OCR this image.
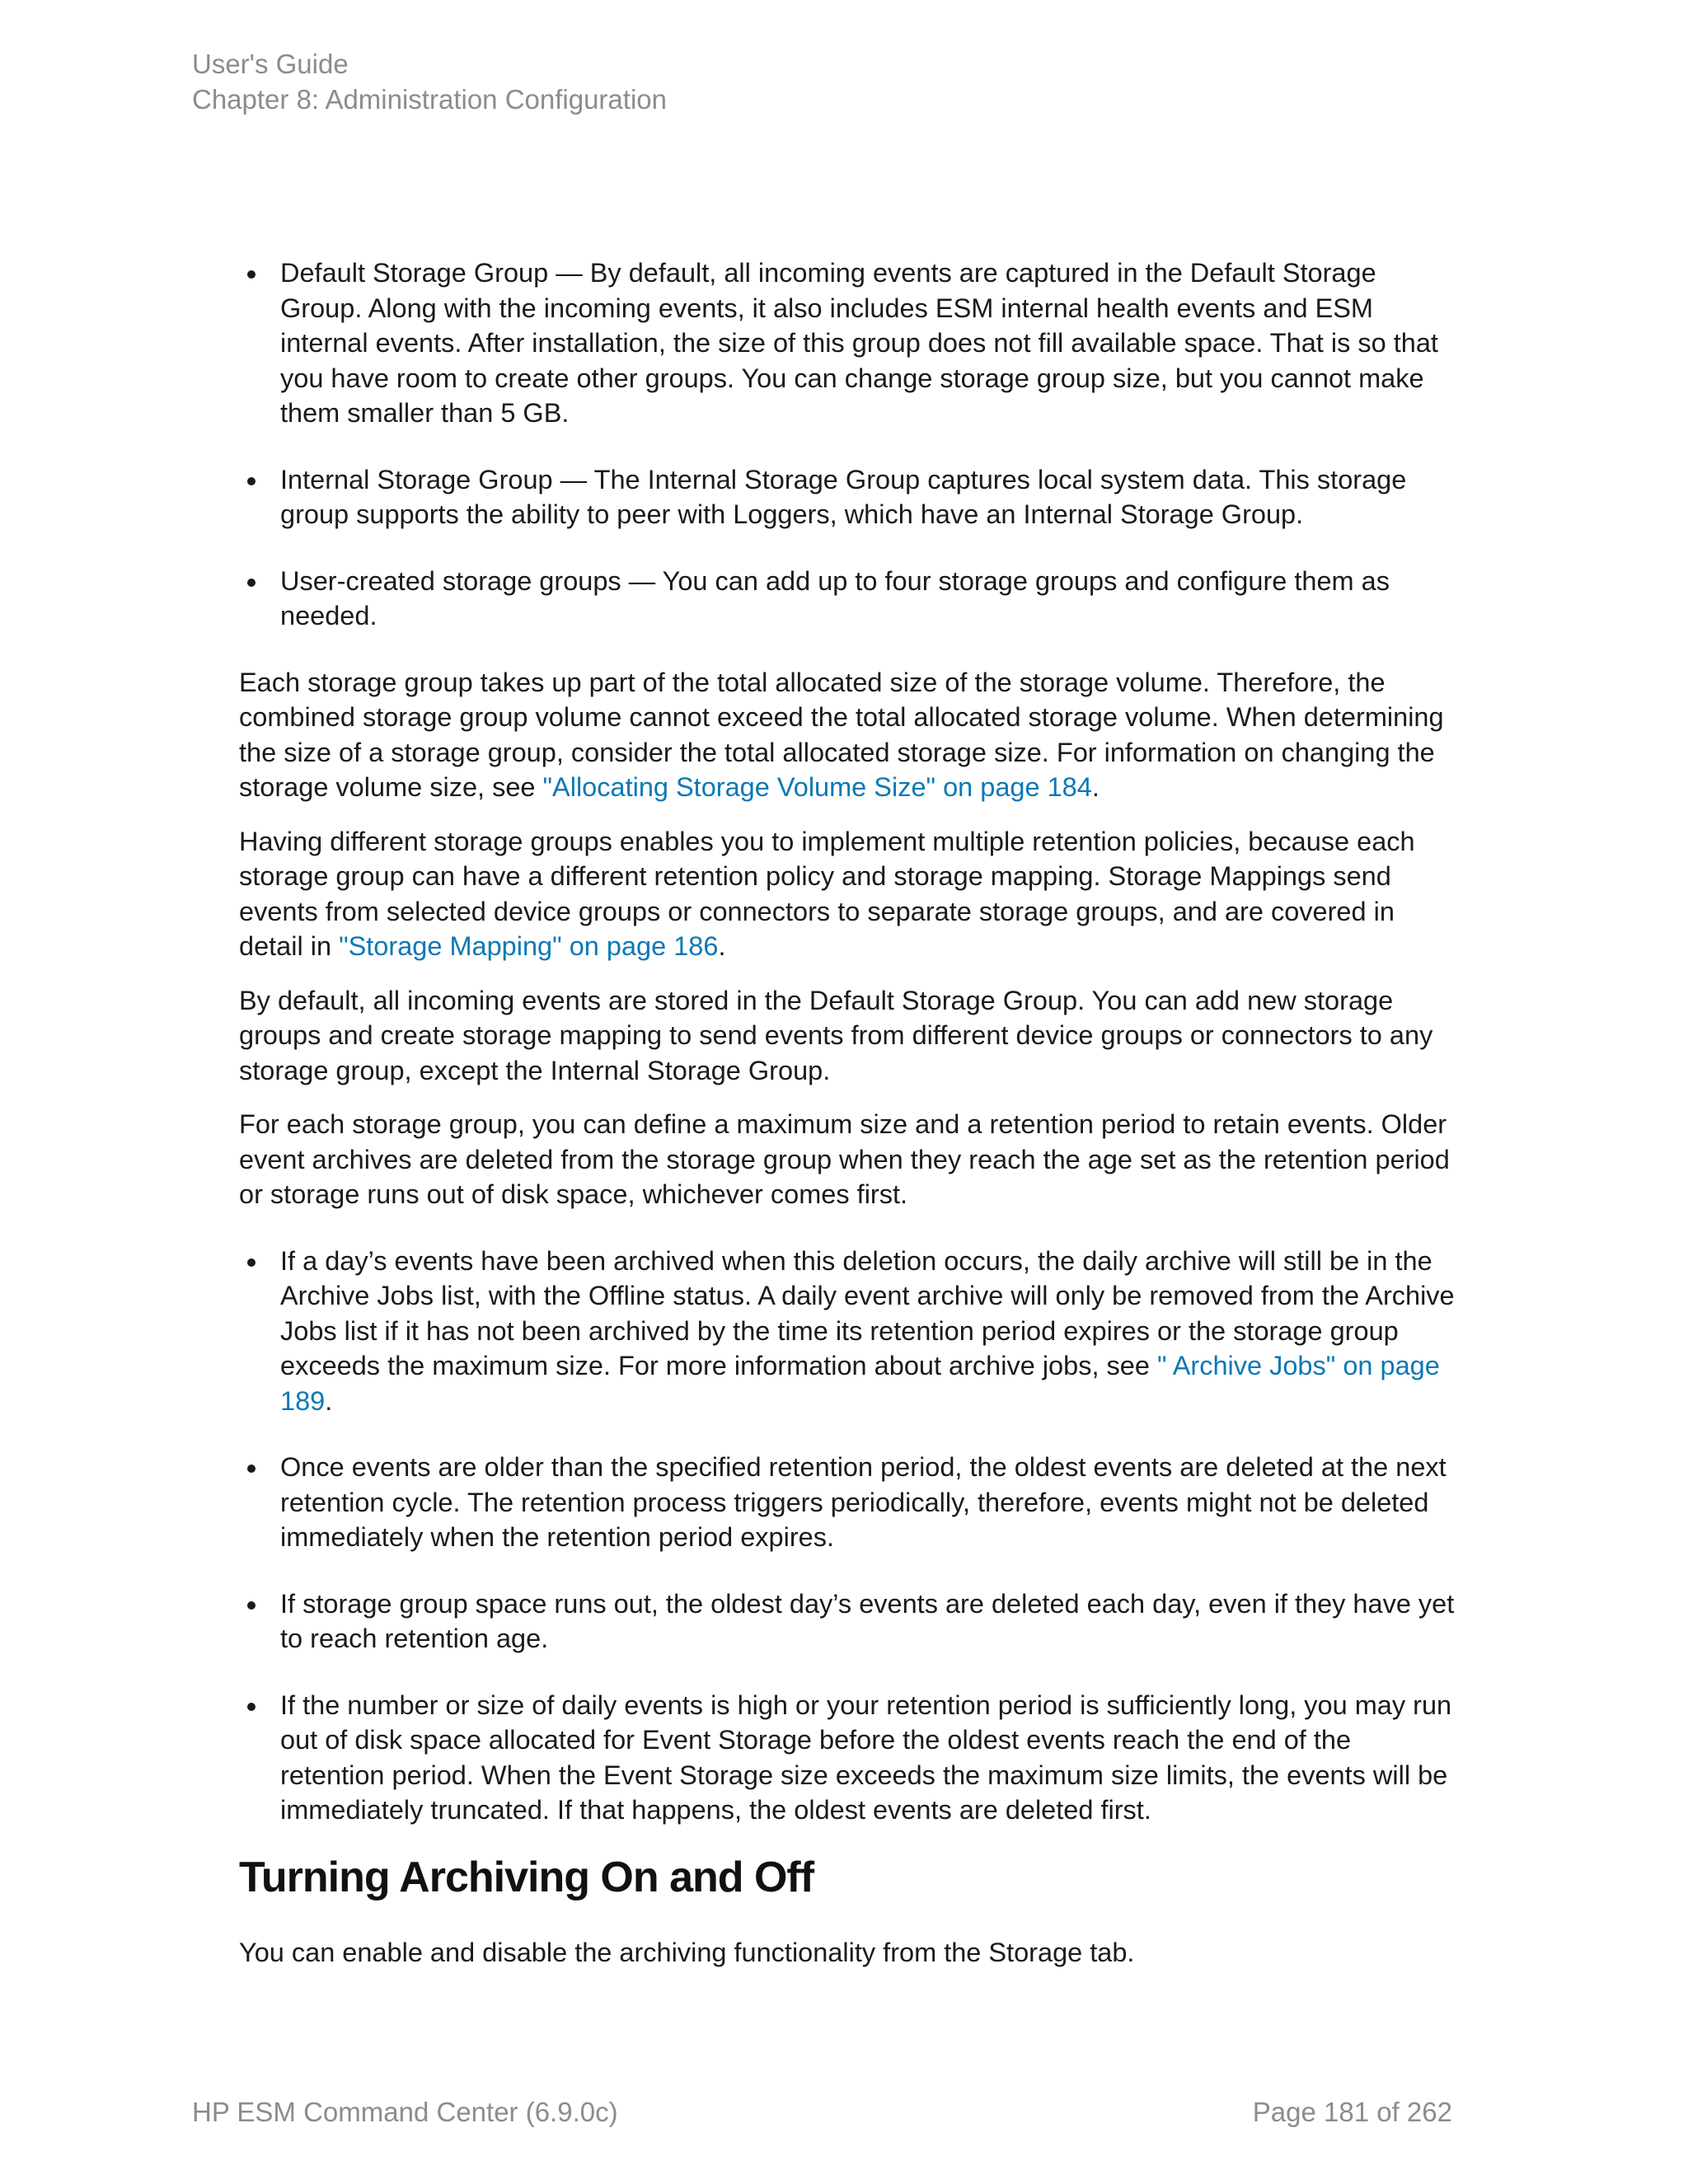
User's Guide
Chapter 8: Administration Configuration
Default Storage Group — By default, all incoming events are captured in the Default Storage Group. Along with the incoming events, it also includes ESM internal health events and ESM internal events. After installation, the size of this group does not fill available space. That is so that you have room to create other groups. You can change storage group size, but you cannot make them smaller than 5 GB.
Internal Storage Group — The Internal Storage Group captures local system data. This storage group supports the ability to peer with Loggers, which have an Internal Storage Group.
User-created storage groups — You can add up to four storage groups and configure them as needed.

Each storage group takes up part of the total allocated size of the storage volume. Therefore, the combined storage group volume cannot exceed the total allocated storage volume. When determining the size of a storage group, consider the total allocated storage size. For information on changing the storage volume size, see "Allocating Storage Volume Size" on page 184.

Having different storage groups enables you to implement multiple retention policies, because each storage group can have a different retention policy and storage mapping. Storage Mappings send events from selected device groups or connectors to separate storage groups, and are covered in detail in "Storage Mapping" on page 186.

By default, all incoming events are stored in the Default Storage Group. You can add new storage groups and create storage mapping to send events from different device groups or connectors to any storage group, except the Internal Storage Group.

For each storage group, you can define a maximum size and a retention period to retain events. Older event archives are deleted from the storage group when they reach the age set as the retention period or storage runs out of disk space, whichever comes first.

If a day’s events have been archived when this deletion occurs, the daily archive will still be in the Archive Jobs list, with the Offline status. A daily event archive will only be removed from the Archive Jobs list if it has not been archived by the time its retention period expires or the storage group exceeds the maximum size. For more information about archive jobs, see " Archive Jobs" on page 189.
Once events are older than the specified retention period, the oldest events are deleted at the next retention cycle. The retention process triggers periodically, therefore, events might not be deleted immediately when the retention period expires.
If storage group space runs out, the oldest day’s events are deleted each day, even if they have yet to reach retention age.
If the number or size of daily events is high or your retention period is sufficiently long, you may run out of disk space allocated for Event Storage before the oldest events reach the end of the retention period. When the Event Storage size exceeds the maximum size limits, the events will be immediately truncated. If that happens, the oldest events are deleted first.
Turning Archiving On and Off

You can enable and disable the archiving functionality from the Storage tab.

HP ESM Command Center (6.9.0c)	Page 181 of 262
